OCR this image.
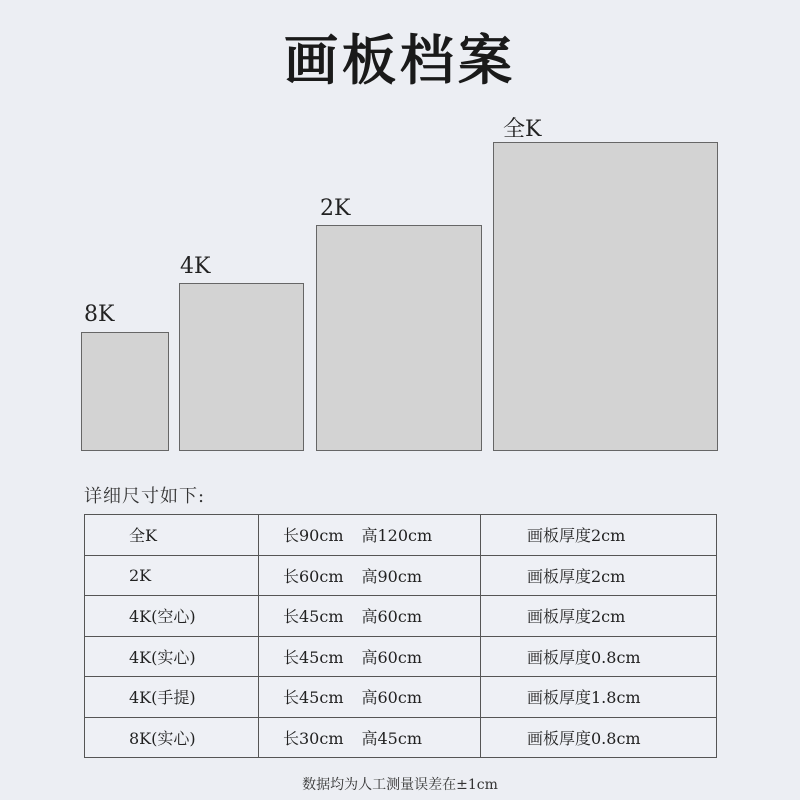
画板档案
8K
4K
2K
全K
详细尺寸如下:
全K	长90cm 高120cm	画板厚度2cm
2K	长60cm 高90cm	画板厚度2cm
4K(空心)	长45cm 高60cm	画板厚度2cm
4K(实心)	长45cm 高60cm	画板厚度0.8cm
4K(手提)	长45cm 高60cm	画板厚度1.8cm
8K(实心)	长30cm 高45cm	画板厚度0.8cm
数据均为人工测量误差在±1cm
